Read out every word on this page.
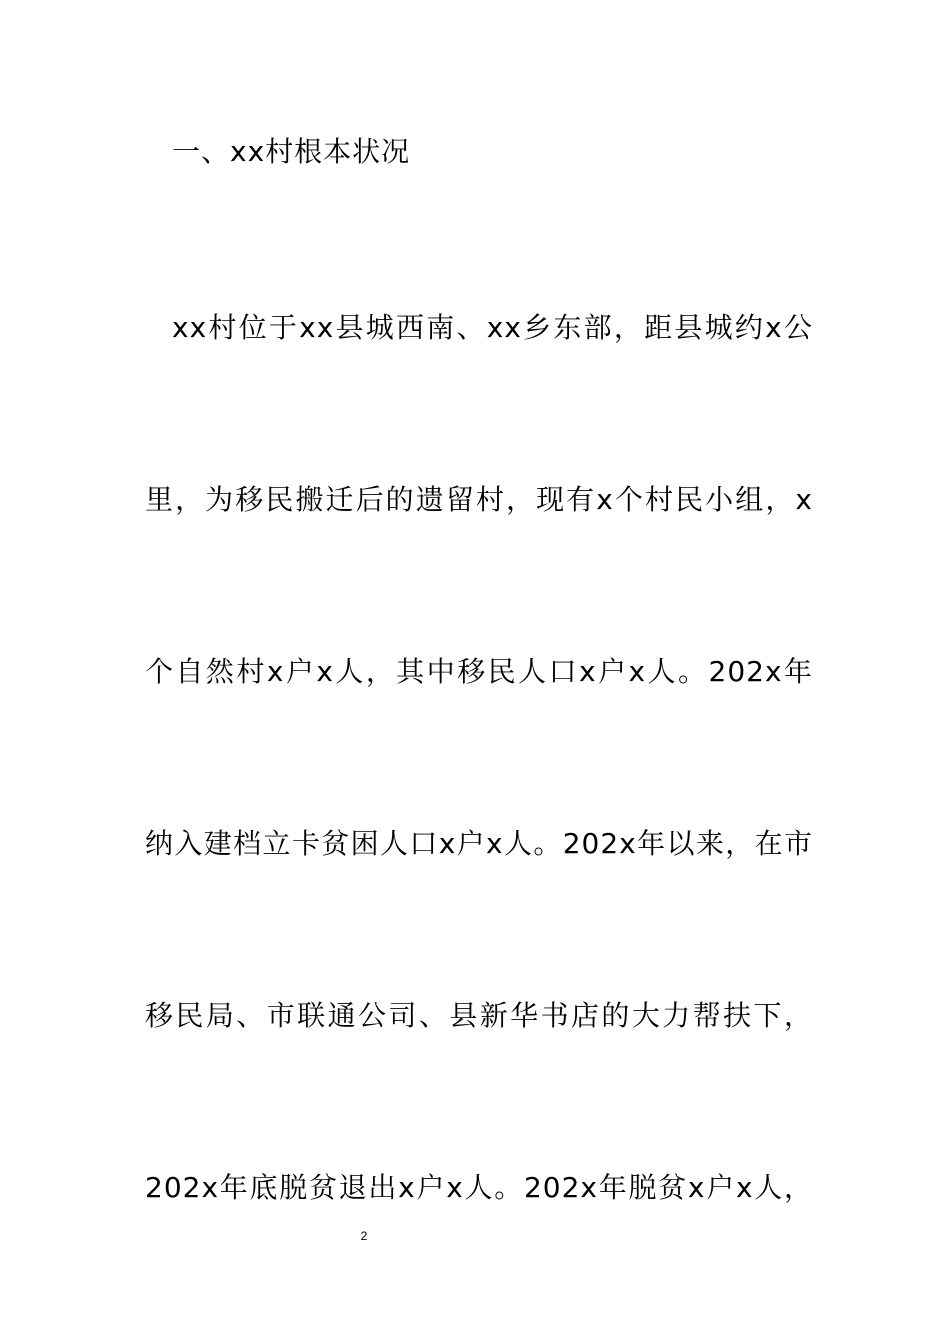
一、xx村根本状况
xx村位于xx县城西南、xx乡东部，距县城约x公
里，为移民搬迁后的遗留村，现有x个村民小组，x
个自然村x户x人，其中移民人口x户x人。202x年
纳入建档立卡贫困人口x户x人。202x年以来，在市
移民局、市联通公司、县新华书店的大力帮扶下，
202x年底脱贫退出x户x人。202x年脱贫x户x人，
2
